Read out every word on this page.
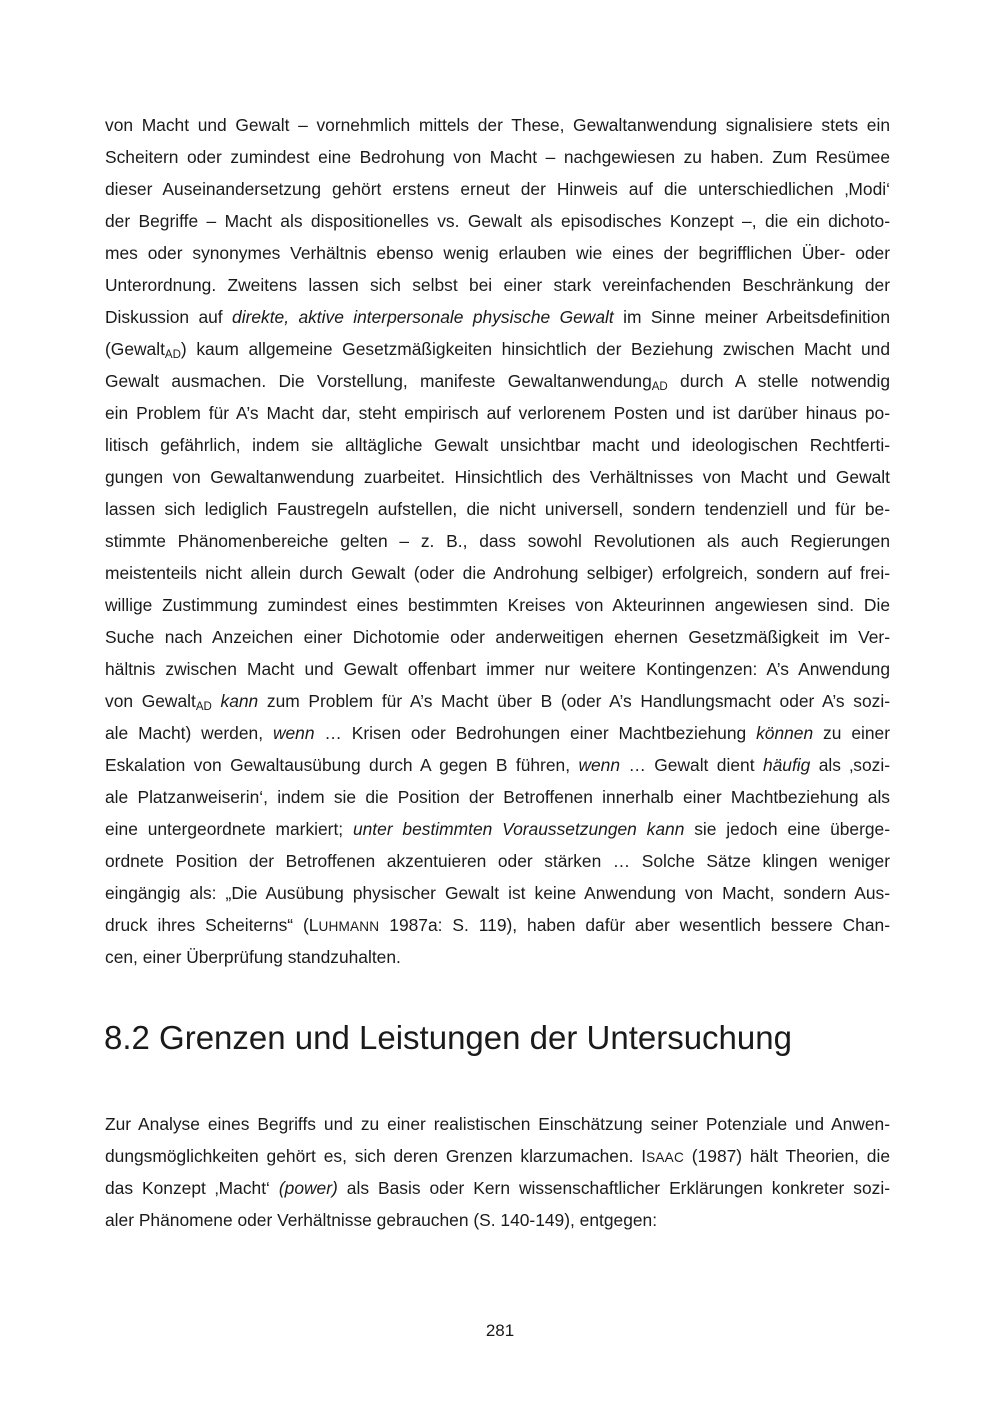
von Macht und Gewalt – vornehmlich mittels der These, Gewaltanwendung signalisiere stets ein
Scheitern oder zumindest eine Bedrohung von Macht – nachgewiesen zu haben. Zum Resümee
dieser Auseinandersetzung gehört erstens erneut der Hinweis auf die unterschiedlichen ‚Modi‘
der Begriffe – Macht als dispositionelles vs. Gewalt als episodisches Konzept –, die ein dichoto-
mes oder synonymes Verhältnis ebenso wenig erlauben wie eines der begrifflichen Über- oder
Unterordnung. Zweitens lassen sich selbst bei einer stark vereinfachenden Beschränkung der
Diskussion auf direkte, aktive interpersonale physische Gewalt im Sinne meiner Arbeitsdefinition
(Gewalt$_{AD}$) kaum allgemeine Gesetzmäßigkeiten hinsichtlich der Beziehung zwischen Macht und
Gewalt ausmachen. Die Vorstellung, manifeste Gewaltanwendung$_{AD}$ durch A stelle notwendig
ein Problem für A’s Macht dar, steht empirisch auf verlorenem Posten und ist darüber hinaus po-
litisch gefährlich, indem sie alltägliche Gewalt unsichtbar macht und ideologischen Rechtferti-
gungen von Gewaltanwendung zuarbeitet. Hinsichtlich des Verhältnisses von Macht und Gewalt
lassen sich lediglich Faustregeln aufstellen, die nicht universell, sondern tendenziell und für be-
stimmte Phänomenbereiche gelten – z. B., dass sowohl Revolutionen als auch Regierungen
meistenteils nicht allein durch Gewalt (oder die Androhung selbiger) erfolgreich, sondern auf frei-
willige Zustimmung zumindest eines bestimmten Kreises von Akteurinnen angewiesen sind. Die
Suche nach Anzeichen einer Dichotomie oder anderweitigen ehernen Gesetzmäßigkeit im Ver-
hältnis zwischen Macht und Gewalt offenbart immer nur weitere Kontingenzen: A’s Anwendung
von Gewalt$_{AD}$ kann zum Problem für A’s Macht über B (oder A’s Handlungsmacht oder A’s sozi-
ale Macht) werden, wenn … Krisen oder Bedrohungen einer Machtbeziehung können zu einer
Eskalation von Gewaltausübung durch A gegen B führen, wenn … Gewalt dient häufig als ‚sozi-
ale Platzanweiserin‘, indem sie die Position der Betroffenen innerhalb einer Machtbeziehung als
eine untergeordnete markiert; unter bestimmten Voraussetzungen kann sie jedoch eine überge-
ordnete Position der Betroffenen akzentuieren oder stärken … Solche Sätze klingen weniger
eingängig als: „Die Ausübung physischer Gewalt ist keine Anwendung von Macht, sondern Aus-
druck ihres Scheiterns“ (LUHMANN 1987a: S. 119), haben dafür aber wesentlich bessere Chan-
cen, einer Überprüfung standzuhalten.
8.2 Grenzen und Leistungen der Untersuchung
Zur Analyse eines Begriffs und zu einer realistischen Einschätzung seiner Potenziale und Anwen-
dungsmöglichkeiten gehört es, sich deren Grenzen klarzumachen. ISAAC (1987) hält Theorien, die
das Konzept ‚Macht‘ (power) als Basis oder Kern wissenschaftlicher Erklärungen konkreter sozi-
aler Phänomene oder Verhältnisse gebrauchen (S. 140-149), entgegen:
281
